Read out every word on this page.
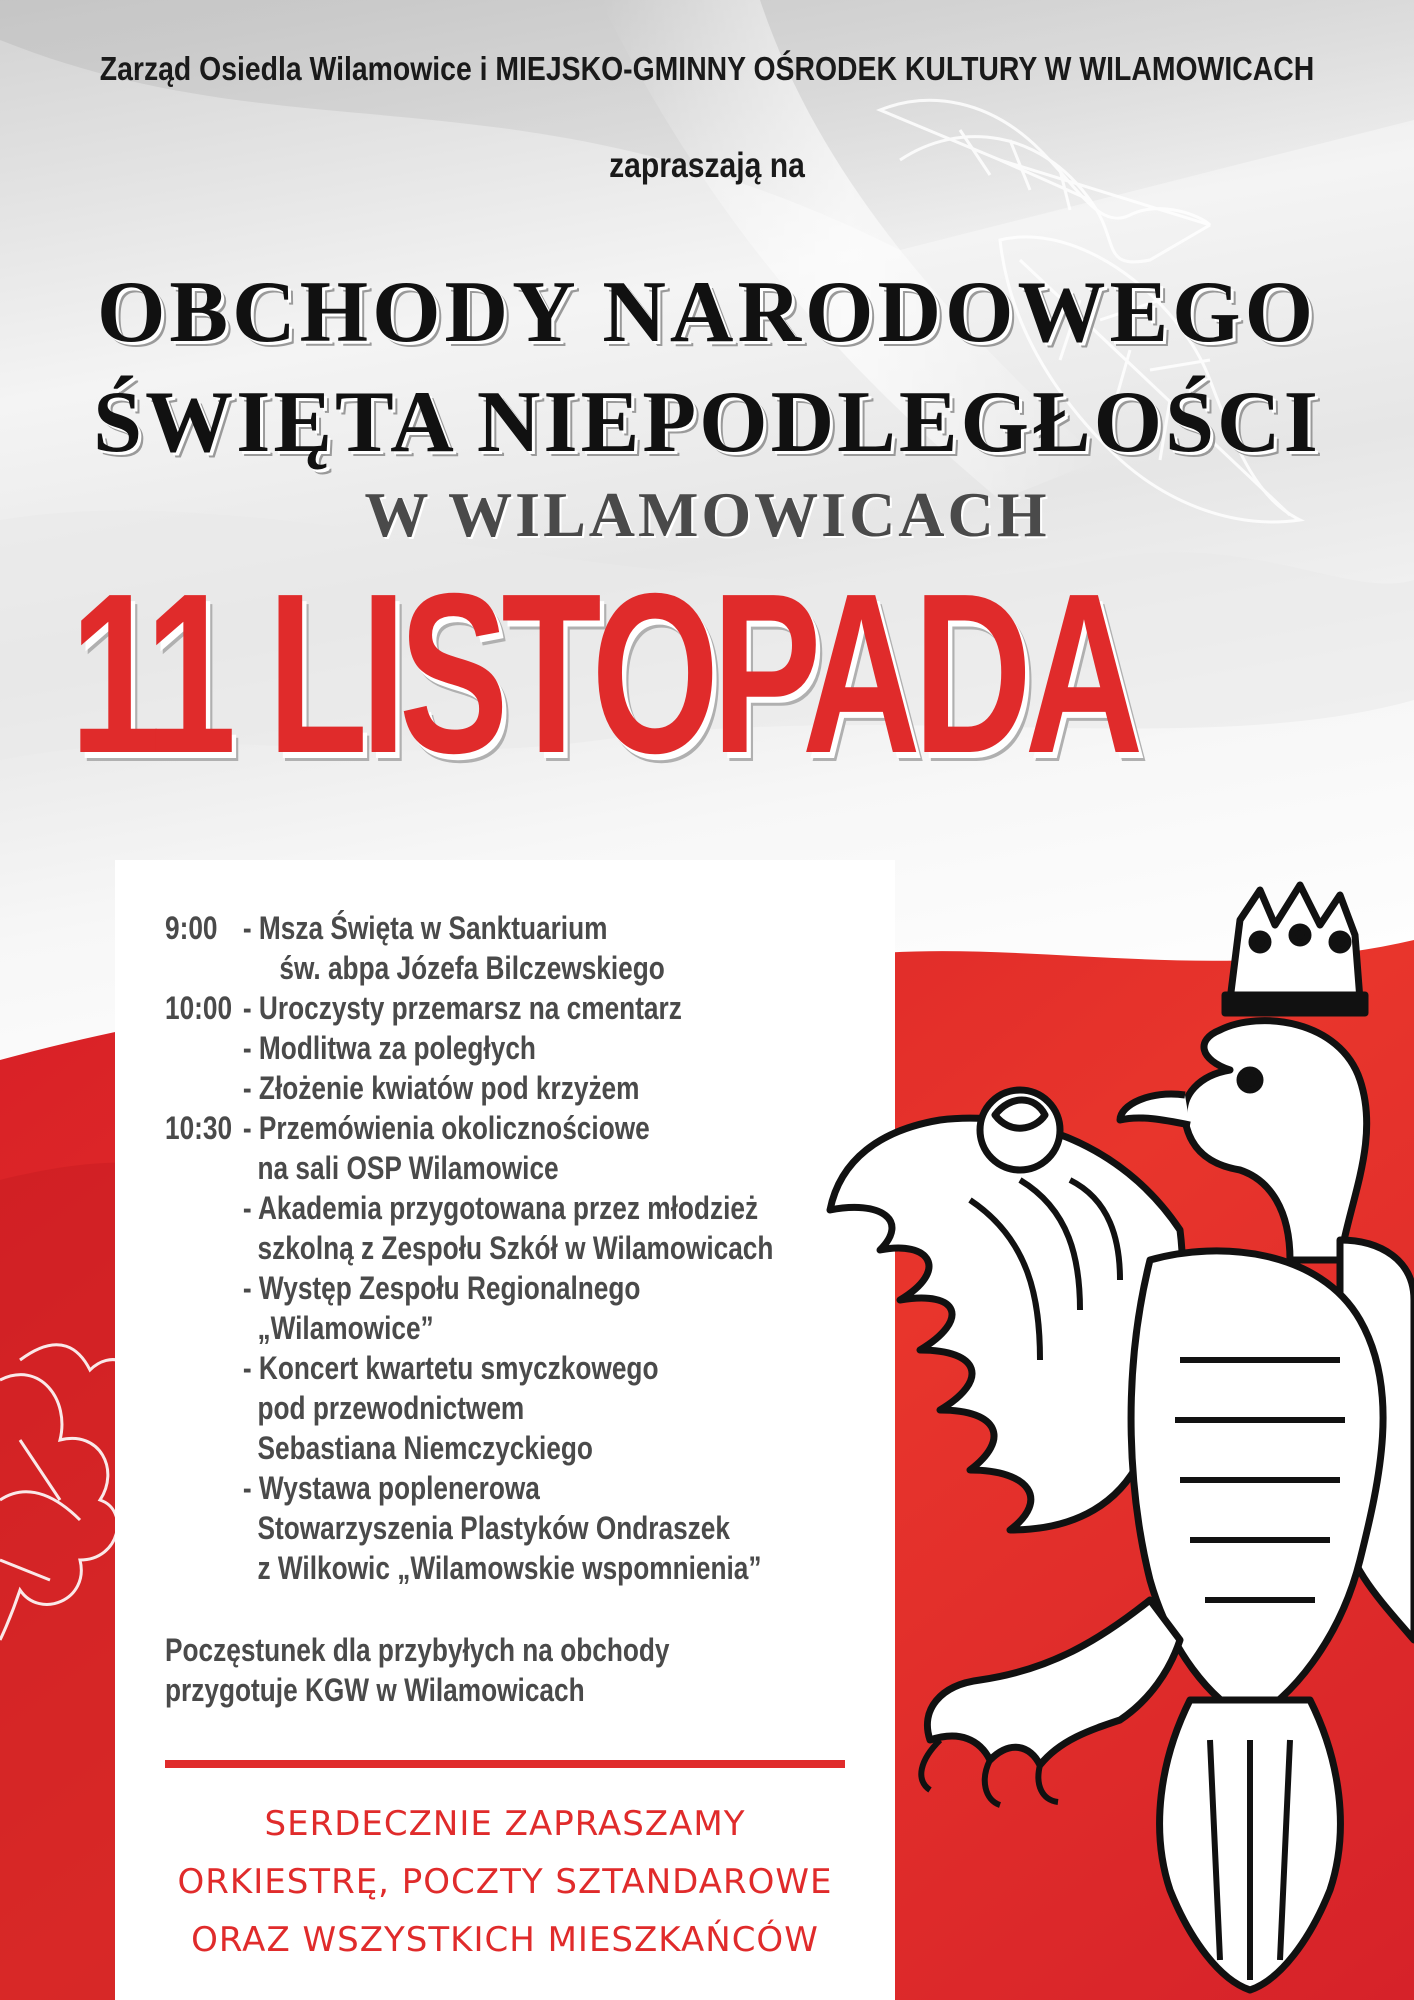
Zarząd Osiedla Wilamowice i MIEJSKO-GMINNY OŚRODEK KULTURY W WILAMOWICACH
zapraszają na
OBCHODY NARODOWEGO
ŚWIĘTA NIEPODLEGŁOŚCI
W WILAMOWICACH
11 LISTOPADA
9:00 - Msza Święta w Sanktuarium
św. abpa Józefa Bilczewskiego
10:00 - Uroczysty przemarsz na cmentarz
- Modlitwa za poległych
- Złożenie kwiatów pod krzyżem
10:30 - Przemówienia okolicznościowe
na sali OSP Wilamowice
- Akademia przygotowana przez młodzież
szkolną z Zespołu Szkół w Wilamowicach
- Występ Zespołu Regionalnego
„Wilamowice”
- Koncert kwartetu smyczkowego
pod przewodnictwem
Sebastiana Niemczyckiego
- Wystawa poplenerowa
Stowarzyszenia Plastyków Ondraszek
z Wilkowic „Wilamowskie wspomnienia”
Poczęstunek dla przybyłych na obchody
przygotuje KGW w Wilamowicach
SERDECZNIE ZAPRASZAMY
ORKIESTRĘ, POCZTY SZTANDAROWE
ORAZ WSZYSTKICH MIESZKAŃCÓW
